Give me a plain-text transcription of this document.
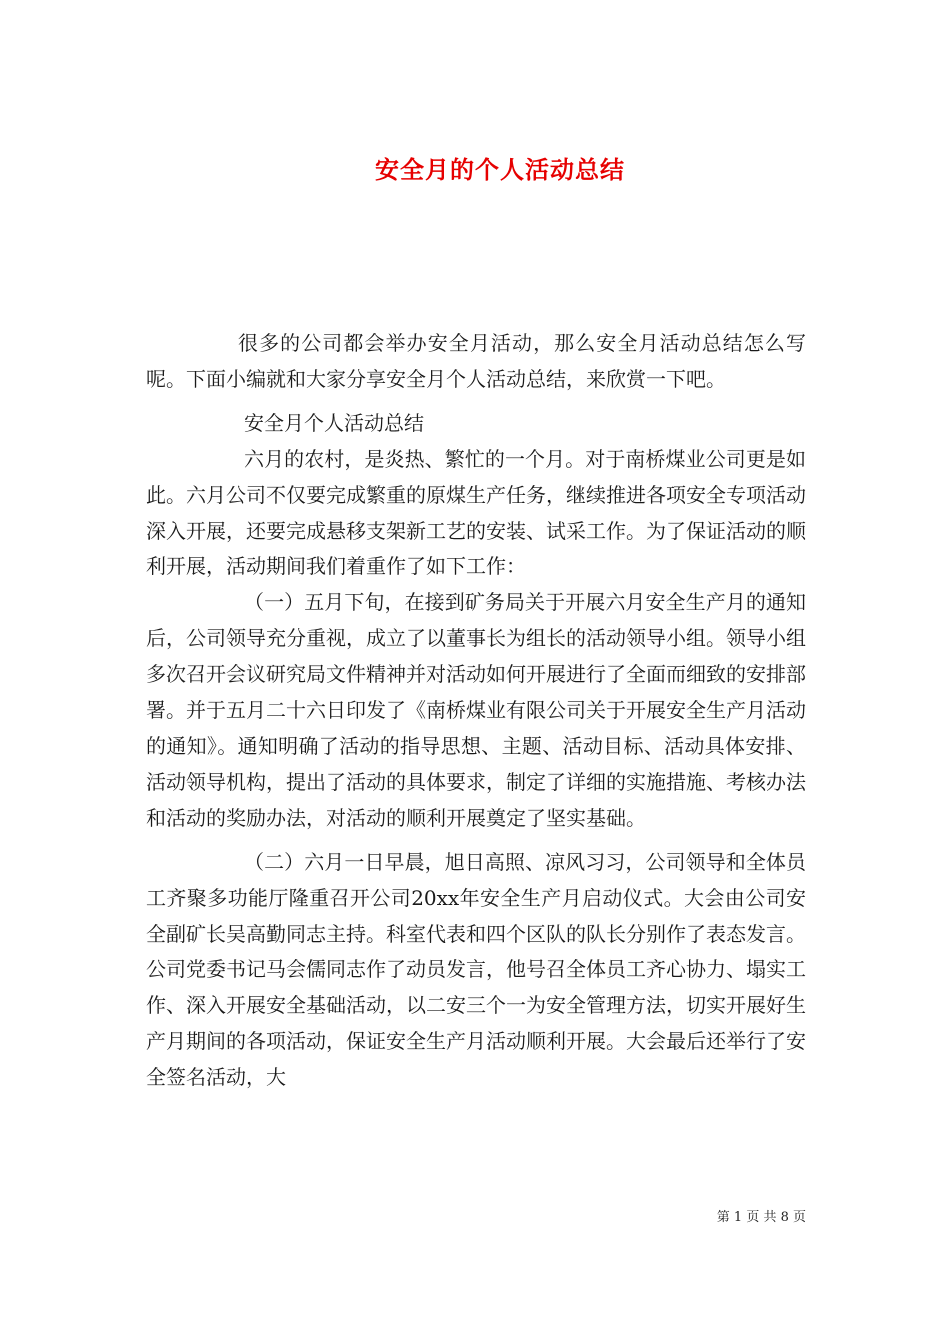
安全月的个人活动总结

很多的公司都会举办安全月活动，那么安全月活动总结怎么写呢。下面小编就和大家分享安全月个人活动总结，来欣赏一下吧。

安全月个人活动总结

六月的农村，是炎热、繁忙的一个月。对于南桥煤业公司更是如此。六月公司不仅要完成繁重的原煤生产任务，继续推进各项安全专项活动深入开展，还要完成悬移支架新工艺的安装、试采工作。为了保证活动的顺利开展，活动期间我们着重作了如下工作：

（一）五月下旬，在接到矿务局关于开展六月安全生产月的通知后，公司领导充分重视，成立了以董事长为组长的活动领导小组。领导小组多次召开会议研究局文件精神并对活动如何开展进行了全面而细致的安排部署。并于五月二十六日印发了《南桥煤业有限公司关于开展安全生产月活动的通知》。通知明确了活动的指导思想、主题、活动目标、活动具体安排、活动领导机构，提出了活动的具体要求，制定了详细的实施措施、考核办法和活动的奖励办法，对活动的顺利开展奠定了坚实基础。

（二）六月一日早晨，旭日高照、凉风习习，公司领导和全体员工齐聚多功能厅隆重召开公司20xx年安全生产月启动仪式。大会由公司安全副矿长吴高勤同志主持。科室代表和四个区队的队长分别作了表态发言。公司党委书记马会儒同志作了动员发言，他号召全体员工齐心协力、塌实工作、深入开展安全基础活动，以二安三个一为安全管理方法，切实开展好生产月期间的各项活动，保证安全生产月活动顺利开展。大会最后还举行了安全签名活动，大

第 1 页 共 8 页
